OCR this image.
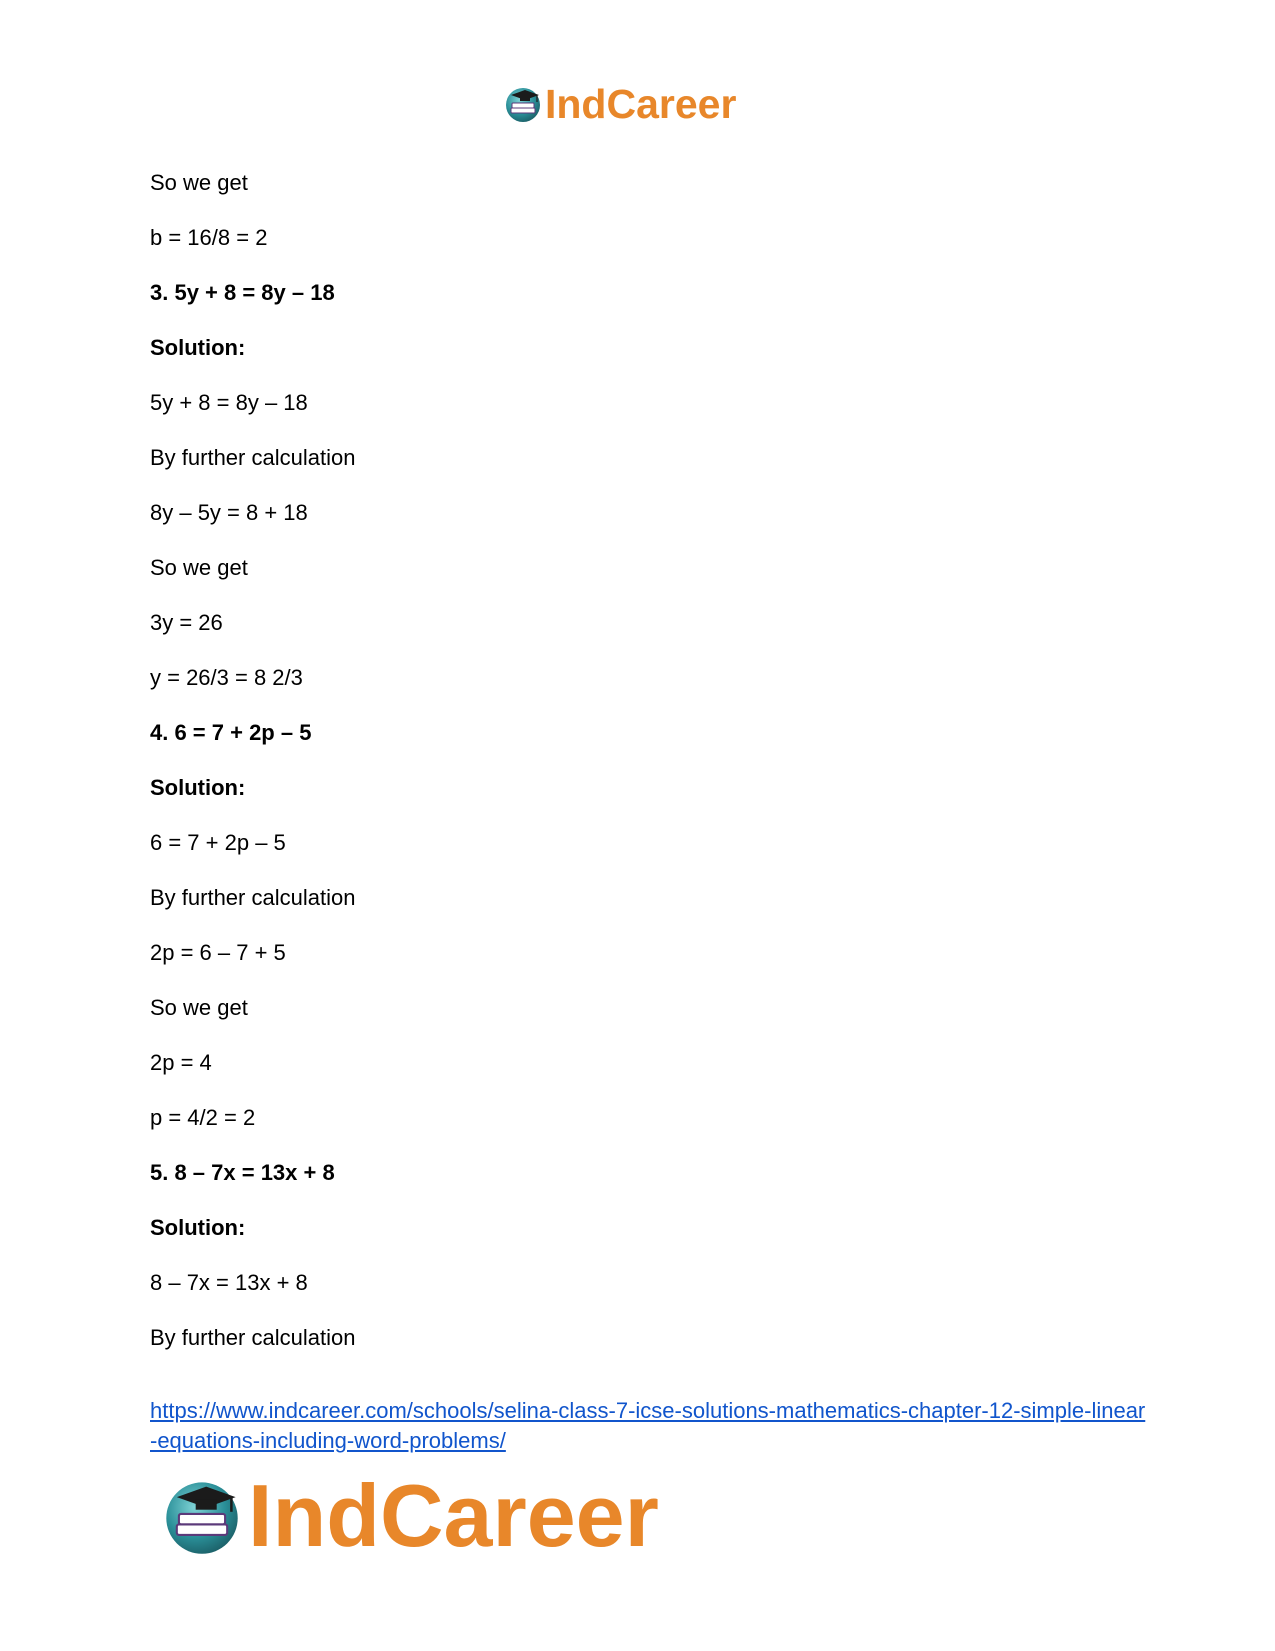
IndCareer
So we get
b = 16/8 = 2
3. 5y + 8 = 8y – 18
Solution:
5y + 8 = 8y – 18
By further calculation
8y – 5y = 8 + 18
So we get
3y = 26
y = 26/3 = 8 2/3
4. 6 = 7 + 2p – 5
Solution:
6 = 7 + 2p – 5
By further calculation
2p = 6 – 7 + 5
So we get
2p = 4
p = 4/2 = 2
5. 8 – 7x = 13x + 8
Solution:
8 – 7x = 13x + 8
By further calculation
https://www.indcareer.com/schools/selina-class-7-icse-solutions-mathematics-chapter-12-simple-linear-equations-including-word-problems/
IndCareer
